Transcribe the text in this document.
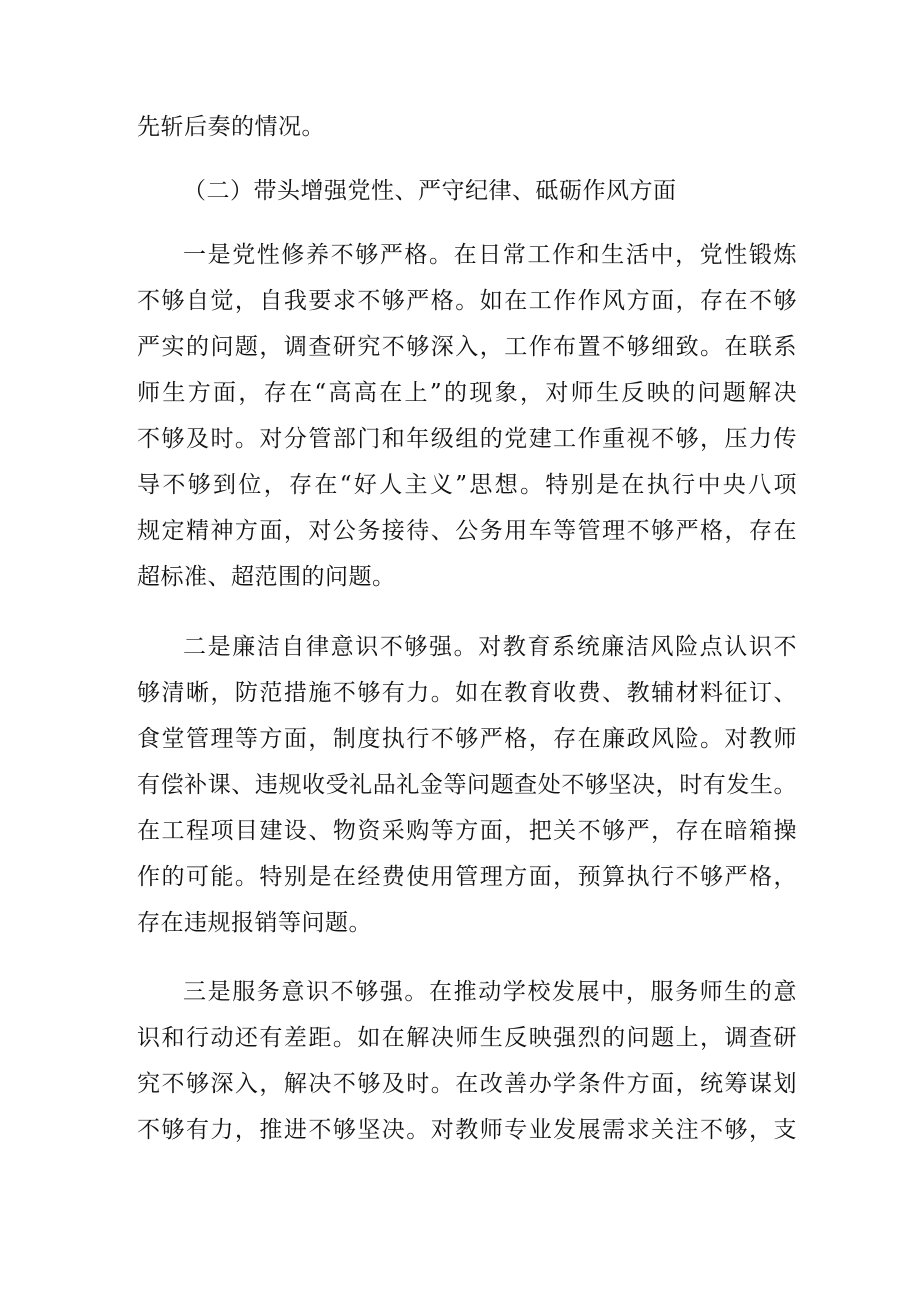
先斩后奏的情况。
（二）带头增强党性、严守纪律、砥砺作风方面
一是党性修养不够严格。在日常工作和生活中，党性锻炼
不够自觉，自我要求不够严格。如在工作作风方面，存在不够
严实的问题，调查研究不够深入，工作布置不够细致。在联系
师生方面，存在“高高在上”的现象，对师生反映的问题解决
不够及时。对分管部门和年级组的党建工作重视不够，压力传
导不够到位，存在“好人主义”思想。特别是在执行中央八项
规定精神方面，对公务接待、公务用车等管理不够严格，存在
超标准、超范围的问题。
二是廉洁自律意识不够强。对教育系统廉洁风险点认识不
够清晰，防范措施不够有力。如在教育收费、教辅材料征订、
食堂管理等方面，制度执行不够严格，存在廉政风险。对教师
有偿补课、违规收受礼品礼金等问题查处不够坚决，时有发生。
在工程项目建设、物资采购等方面，把关不够严，存在暗箱操
作的可能。特别是在经费使用管理方面，预算执行不够严格，
存在违规报销等问题。
三是服务意识不够强。在推动学校发展中，服务师生的意
识和行动还有差距。如在解决师生反映强烈的问题上，调查研
究不够深入，解决不够及时。在改善办学条件方面，统筹谋划
不够有力，推进不够坚决。对教师专业发展需求关注不够，支
